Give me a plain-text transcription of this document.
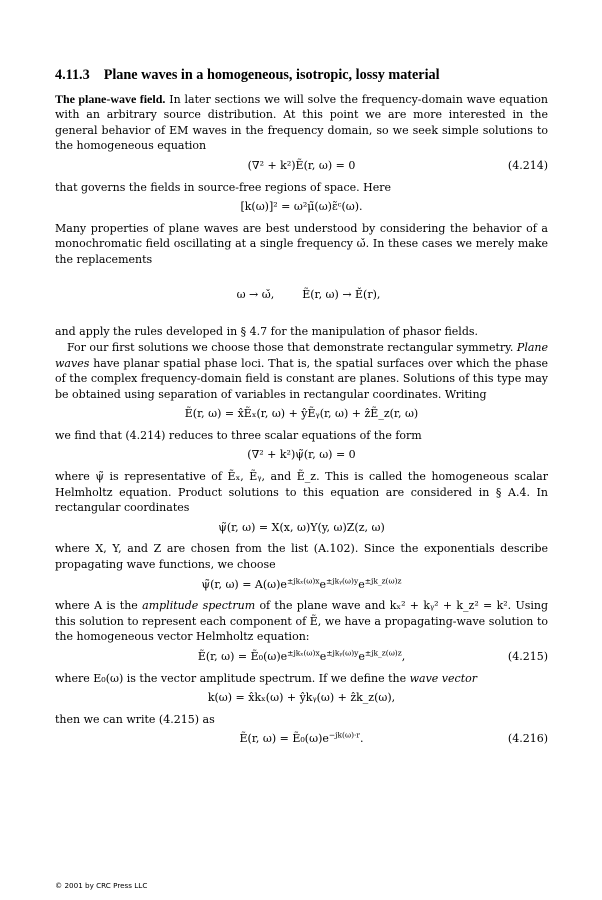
4.11.3 Plane waves in a homogeneous, isotropic, lossy material

The plane-wave field. In later sections we will solve the frequency-domain wave equation with an arbitrary source distribution. At this point we are more interested in the general behavior of EM waves in the frequency domain, so we seek simple solutions to the homogeneous equation

(∇² + k²)Ẽ(r, ω) = 0	(4.214)

that governs the fields in source-free regions of space. Here

[k(ω)]² = ω²μ̃(ω)ε̃ᶜ(ω).

Many properties of plane waves are best understood by considering the behavior of a monochromatic field oscillating at a single frequency ω̌. In these cases we merely make the replacements

ω → ω̌,        Ẽ(r, ω) → Ě(r),

and apply the rules developed in § 4.7 for the manipulation of phasor fields.

For our first solutions we choose those that demonstrate rectangular symmetry. Plane waves have planar spatial phase loci. That is, the spatial surfaces over which the phase of the complex frequency-domain field is constant are planes. Solutions of this type may be obtained using separation of variables in rectangular coordinates. Writing

Ẽ(r, ω) = x̂Ẽₓ(r, ω) + ŷẼᵧ(r, ω) + ẑẼ_z(r, ω)

we find that (4.214) reduces to three scalar equations of the form

(∇² + k²)ψ̃(r, ω) = 0

where ψ̃ is representative of Ẽₓ, Ẽᵧ, and Ẽ_z. This is called the homogeneous scalar Helmholtz equation. Product solutions to this equation are considered in § A.4. In rectangular coordinates

ψ̃(r, ω) = X(x, ω)Y(y, ω)Z(z, ω)

where X, Y, and Z are chosen from the list (A.102). Since the exponentials describe propagating wave functions, we choose

ψ̃(r, $\omega) = A(\omega)e^{\pm jk_x(\omega)x}e^{\pm jkᵧ(\omega)y}e^{\pm jk\_z(\omega)z}$

where A is the amplitude spectrum of the plane wave and kₓ² + kᵧ² + k_z² = k². Using this solution to represent each component of Ẽ, we have a propagating-wave solution to the homogeneous vector Helmholtz equation:

Ẽ(r, $\omega) = Ẽ_0(\omega)e^{\pm jk_x(\omega)x}e^{\pm jkᵧ(\omega)y}e^{\pm jk\_z(\omega)z}$,	(4.215)

where E₀(ω) is the vector amplitude spectrum. If we define the wave vector

k(ω) = x̂kₓ(ω) + ŷkᵧ(ω) + ẑk_z(ω),

then we can write (4.215) as

Ẽ(r, $\omega) = Ẽ_0(\omega)e^{-jk(\omega)\cdot r}$.	(4.216)
© 2001 by CRC Press LLC
